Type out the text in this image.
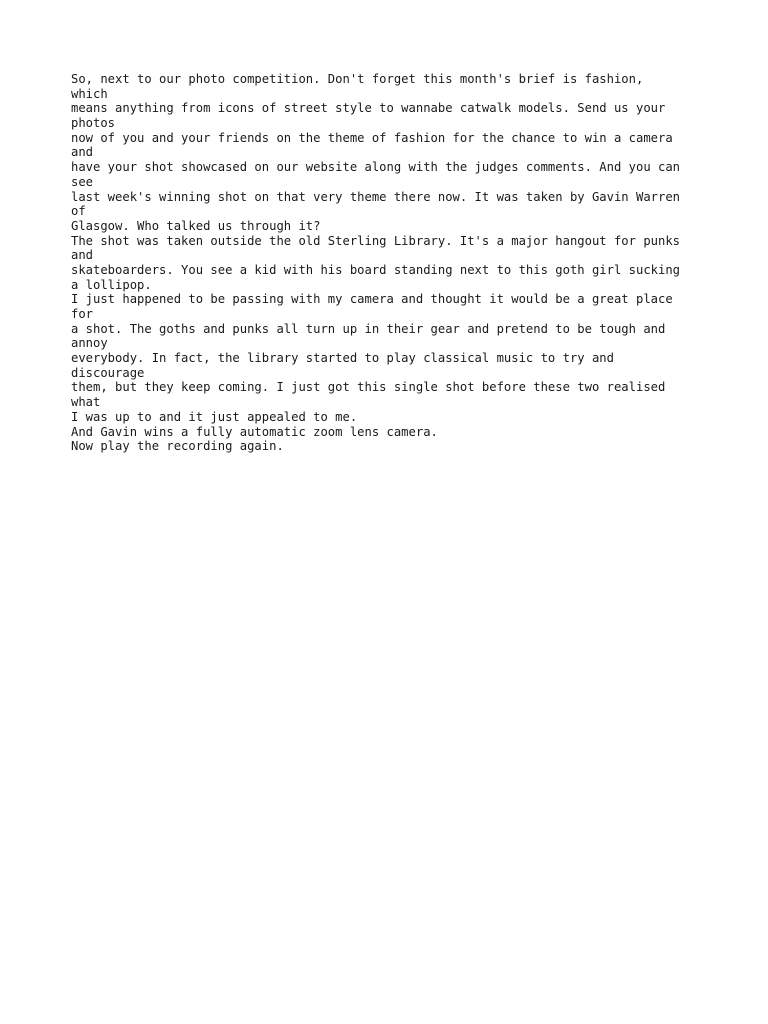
So, next to our photo competition. Don't forget this month's brief is fashion,

which

means anything from icons of street style to wannabe catwalk models. Send us your

photos

now of you and your friends on the theme of fashion for the chance to win a camera

and

have your shot showcased on our website along with the judges comments. And you can

see

last week's winning shot on that very theme there now. It was taken by Gavin Warren

of

Glasgow. Who talked us through it?

The shot was taken outside the old Sterling Library. It's a major hangout for punks

and

skateboarders. You see a kid with his board standing next to this goth girl sucking

a lollipop.

I just happened to be passing with my camera and thought it would be a great place

for

a shot. The goths and punks all turn up in their gear and pretend to be tough and

annoy

everybody. In fact, the library started to play classical music to try and

discourage

them, but they keep coming. I just got this single shot before these two realised

what

I was up to and it just appealed to me.

And Gavin wins a fully automatic zoom lens camera.

Now play the recording again.
